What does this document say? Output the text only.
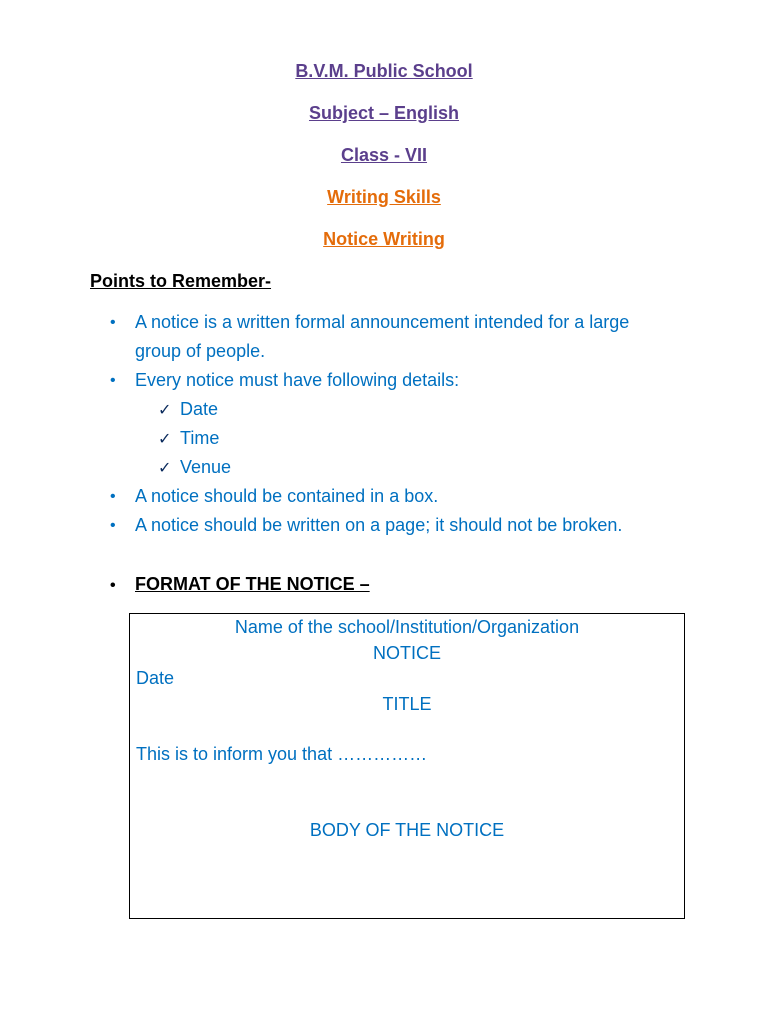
B.V.M. Public School
Subject – English
Class - VII
Writing Skills
Notice Writing
Points to Remember-
•	A notice is a written formal announcement intended for a large group of people.
•	Every notice must have following details:
✓ Date
✓ Time
✓ Venue
•	A notice should be contained in a box.
•	A notice should be written on a page; it should not be broken.
• FORMAT OF THE NOTICE –
Name of the school/Institution/Organization
NOTICE
Date
TITLE
This is to inform you that ……………
BODY OF THE NOTICE
